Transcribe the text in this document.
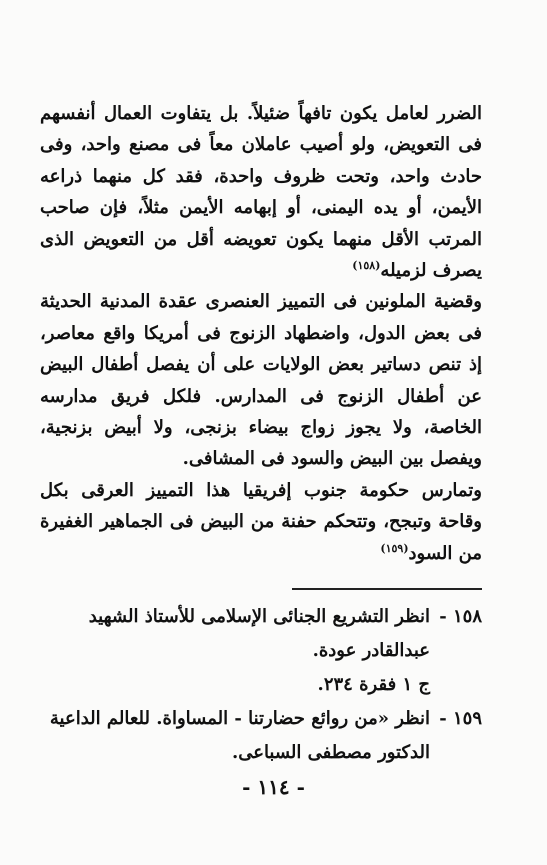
الضرر لعامل يكون تافهاً ضئيلاً. بل يتفاوت العمال أنفسهم فى التعويض، ولو أصيب عاملان معاً فى مصنع واحد، وفى حادث واحد، وتحت ظروف واحدة، فقد كل منهما ذراعه الأيمن، أو يده اليمنى، أو إبهامه الأيمن مثلاً، فإن صاحب المرتب الأقل منهما يكون تعويضه أقل من التعويض الذى يصرف لزميله$^{(١٥٨)}$

وقضية الملونين فى التمييز العنصرى عقدة المدنية الحديثة فى بعض الدول، واضطهاد الزنوج فى أمريكا واقع معاصر، إذ تنص دساتير بعض الولايات على أن يفصل أطفال البيض عن أطفال الزنوج فى المدارس. فلكل فريق مدارسه الخاصة، ولا يجوز زواج بيضاء بزنجى، ولا أبيض بزنجية، ويفصل بين البيض والسود فى المشافى.

وتمارس حكومة جنوب إفريقيا هذا التمييز العرقى بكل وقاحة وتبجح، وتتحكم حفنة من البيض فى الجماهير الغفيرة من السود$^{(١٥٩)}$

١٥٨ -
انظر التشريع الجنائى الإسلامى للأستاذ الشهيد
عبدالقادر عودة.
ج ١ فقرة ٢٣٤.
١٥٩ -
انظر «من روائع حضارتنا - المساواة. للعالم الداعية
الدكتور مصطفى السباعى.
- ١١٤ -
